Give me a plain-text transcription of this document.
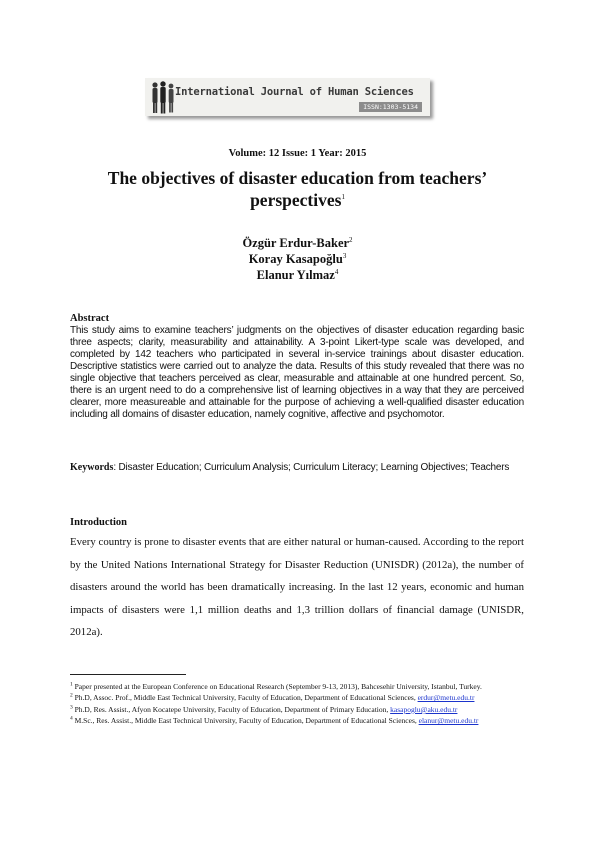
International Journal of Human Sciences
ISSN:1303-5134
Volume: 12 Issue: 1 Year: 2015
The objectives of disaster education from teachers’ perspectives$^1$
Özgür Erdur-Baker$^2$
Koray Kasapoğlu$^3$
Elanur Yılmaz$^4$
Abstract
This study aims to examine teachers’ judgments on the objectives of disaster education regarding basic three aspects; clarity, measurability and attainability. A 3-point Likert-type scale was developed, and completed by 142 teachers who participated in several in-service trainings about disaster education. Descriptive statistics were carried out to analyze the data. Results of this study revealed that there was no single objective that teachers perceived as clear, measurable and attainable at one hundred percent. So, there is an urgent need to do a comprehensive list of learning objectives in a way that they are perceived clearer, more measureable and attainable for the purpose of achieving a well-qualified disaster education including all domains of disaster education, namely cognitive, affective and psychomotor.
Keywords: Disaster Education; Curriculum Analysis; Curriculum Literacy; Learning Objectives; Teachers
Introduction
Every country is prone to disaster events that are either natural or human-caused. According to the report by the United Nations International Strategy for Disaster Reduction (UNISDR) (2012a), the number of disasters around the world has been dramatically increasing. In the last 12 years, economic and human impacts of disasters were 1,1 million deaths and 1,3 trillion dollars of financial damage (UNISDR, 2012a).
$^1$ Paper presented at the European Conference on Educational Research (September 9-13, 2013), Bahcesehir University, Istanbul, Turkey.
$^2$ Ph.D, Assoc. Prof., Middle East Technical University, Faculty of Education, Department of Educational Sciences, erdur@metu.edu.tr
$^3$ Ph.D, Res. Assist., Afyon Kocatepe University, Faculty of Education, Department of Primary Education, kasapoglu@aku.edu.tr
$^4$ M.Sc., Res. Assist., Middle East Technical University, Faculty of Education, Department of Educational Sciences, elanur@metu.edu.tr
